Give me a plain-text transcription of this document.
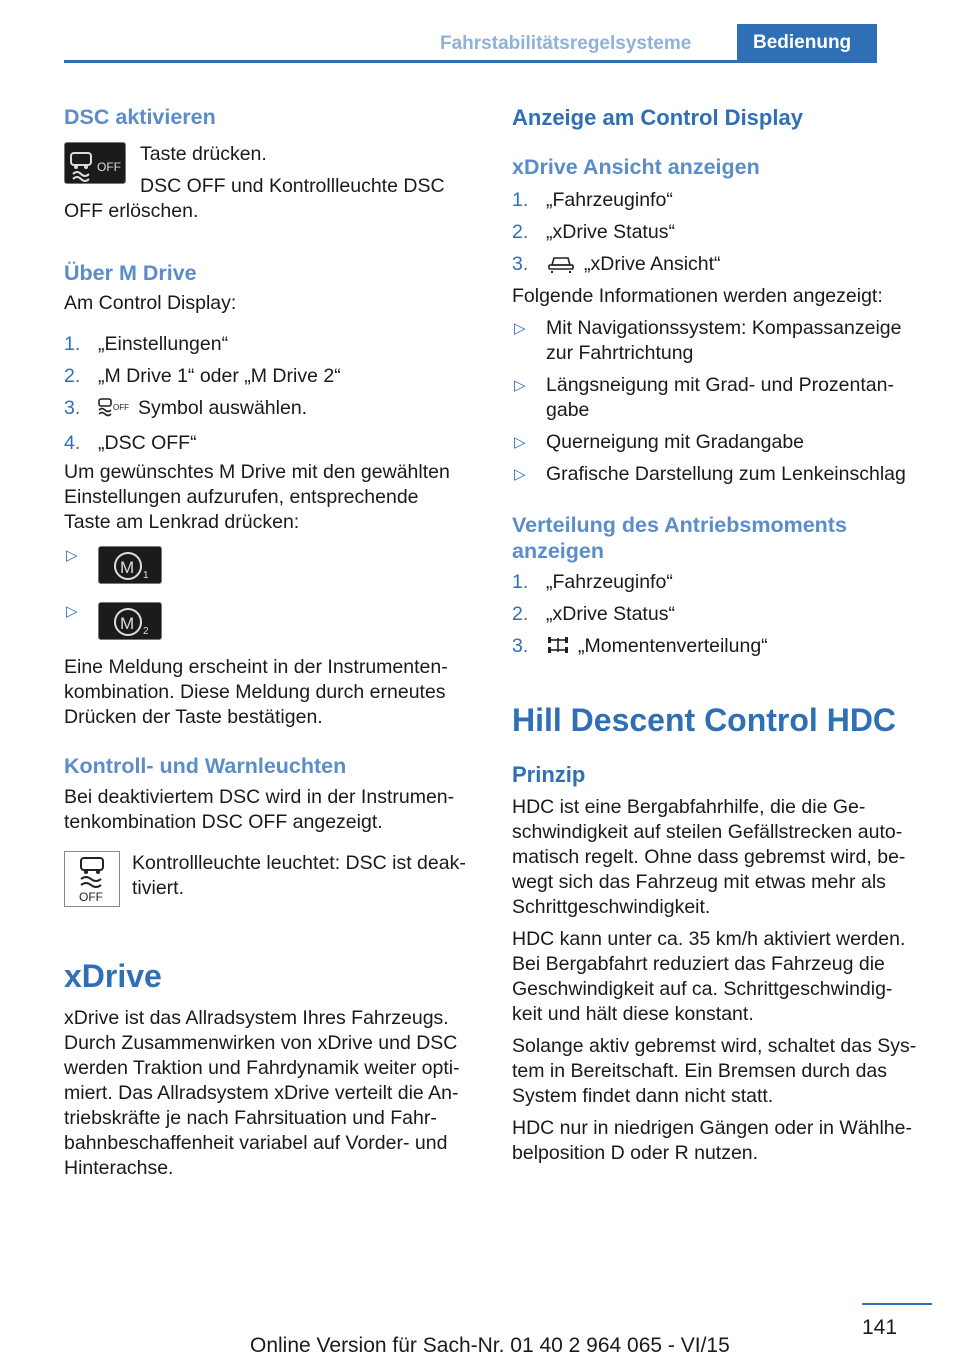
Fahrstabilitätsregelsysteme	Bedienung
DSC aktivieren
OFF
Taste drücken.
DSC OFF und Kontrollleuchte DSC
OFF erlöschen.
Über M Drive
Am Control Display:
1. „Einstellungen“
2. „M Drive 1“ oder „M Drive 2“
3.	OFF Symbol auswählen.
4. „DSC OFF“
Um gewünschtes M Drive mit den gewählten
Einstellungen aufzurufen, entsprechende
Taste am Lenkrad drücken:
▷
M 1
▷
M 2
Eine Meldung erscheint in der Instrumenten-
kombination. Diese Meldung durch erneutes
Drücken der Taste bestätigen.
Kontroll- und Warnleuchten
Bei deaktiviertem DSC wird in der Instrumen-
tenkombination DSC OFF angezeigt.
OFF
Kontrollleuchte leuchtet: DSC ist deak-
tiviert.
xDrive
xDrive ist das Allradsystem Ihres Fahrzeugs.
Durch Zusammenwirken von xDrive und DSC
werden Traktion und Fahrdynamik weiter opti-
miert. Das Allradsystem xDrive verteilt die An-
triebskräfte je nach Fahrsituation und Fahr-
bahnbeschaffenheit variabel auf Vorder- und
Hinterachse.
Anzeige am Control Display
xDrive Ansicht anzeigen
1. „Fahrzeuginfo“
2. „xDrive Status“
3.	„xDrive Ansicht“
Folgende Informationen werden angezeigt:
▷ Mit Navigationssystem: Kompassanzeige
zur Fahrtrichtung
▷ Längsneigung mit Grad- und Prozentan-
gabe
▷ Querneigung mit Gradangabe
▷ Grafische Darstellung zum Lenkeinschlag
Verteilung des Antriebsmoments
anzeigen
1. „Fahrzeuginfo“
2. „xDrive Status“
3.	„Momentenverteilung“
Hill Descent Control HDC
Prinzip
HDC ist eine Bergabfahrhilfe, die die Ge-
schwindigkeit auf steilen Gefällstrecken auto-
matisch regelt. Ohne dass gebremst wird, be-
wegt sich das Fahrzeug mit etwas mehr als
Schrittgeschwindigkeit.
HDC kann unter ca. 35 km/h aktiviert werden.
Bei Bergabfahrt reduziert das Fahrzeug die
Geschwindigkeit auf ca. Schrittgeschwindig-
keit und hält diese konstant.
Solange aktiv gebremst wird, schaltet das Sys-
tem in Bereitschaft. Ein Bremsen durch das
System findet dann nicht statt.
HDC nur in niedrigen Gängen oder in Wählhe-
belposition D oder R nutzen.
141
Online Version für Sach-Nr. 01 40 2 964 065 - VI/15
